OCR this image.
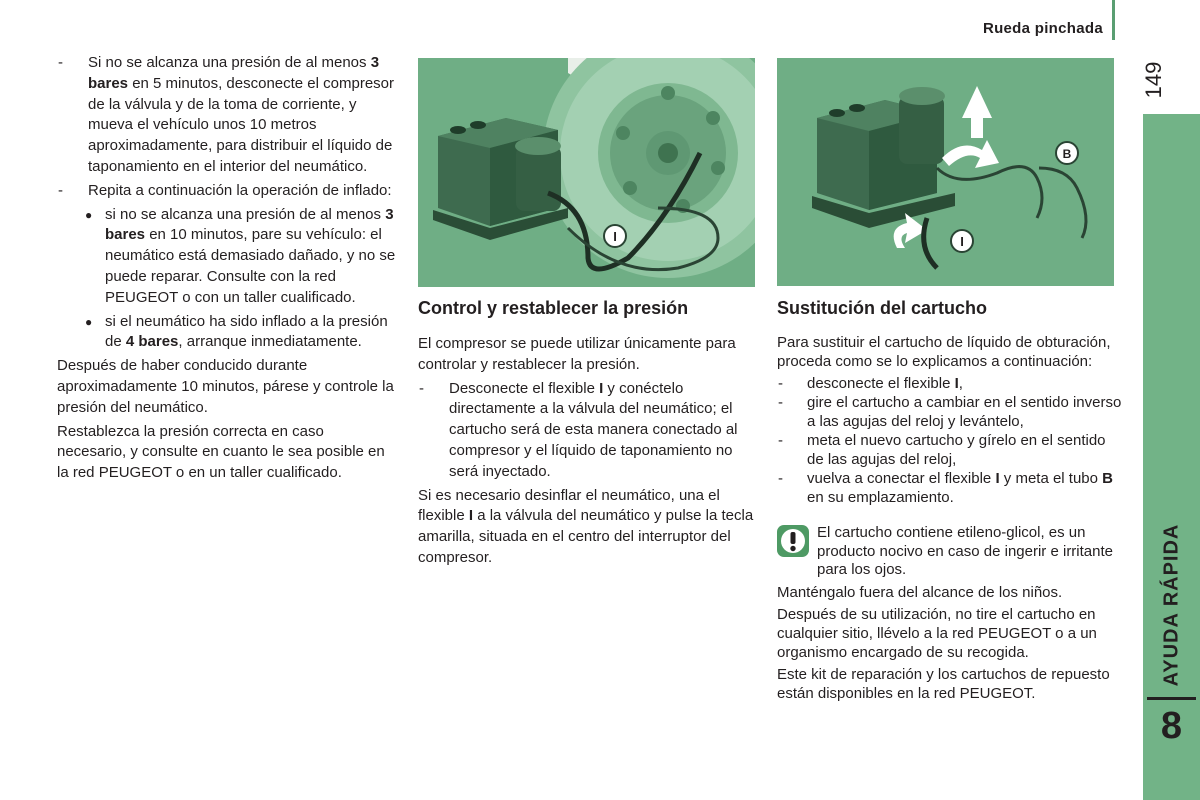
Rueda pinchada
149
AYUDA RÁPIDA
8
- Si no se alcanza una presión de al menos 3 bares en 5 minutos, desconecte el compresor de la válvula y de la toma de corriente, y mueva el vehículo unos 10 metros aproximadamente, para distribuir el líquido de taponamiento en el interior del neumático.
- Repita a continuación la operación de inflado:
● si no se alcanza una presión de al menos 3 bares en 10 minutos, pare su vehículo: el neumático está demasiado dañado, y no se puede reparar. Consulte con la red PEUGEOT o con un taller cualificado.
● si el neumático ha sido inflado a la presión de 4 bares, arranque inmediatamente.
Después de haber conducido durante aproximadamente 10 minutos, párese y controle la presión del neumático.
Restablezca la presión correcta en caso necesario, y consulte en cuanto le sea posible en la red PEUGEOT o en un taller cualificado.
I
Control y restablecer la presión
El compresor se puede utilizar únicamente para controlar y restablecer la presión.
- Desconecte el flexible I y conéctelo directamente a la válvula del neumático; el cartucho será de esta manera conectado al compresor y el líquido de taponamiento no será inyectado.
Si es necesario desinflar el neumático, una el flexible I a la válvula del neumático y pulse la tecla amarilla, situada en el centro del interruptor del compresor.
B
I
Sustitución del cartucho
Para sustituir el cartucho de líquido de obturación, proceda como se lo explicamos a continuación:
- desconecte el flexible I,
- gire el cartucho a cambiar en el sentido inverso a las agujas del reloj y levántelo,
- meta el nuevo cartucho y gírelo en el sentido de las agujas del reloj,
- vuelva a conectar el flexible I y meta el tubo B en su emplazamiento.
El cartucho contiene etileno-glicol, es un producto nocivo en caso de ingerir e irritante para los ojos.
Manténgalo fuera del alcance de los niños.
Después de su utilización, no tire el cartucho en cualquier sitio, llévelo a la red PEUGEOT o a un organismo encargado de su recogida.
Este kit de reparación y los cartuchos de repuesto están disponibles en la red PEUGEOT.
